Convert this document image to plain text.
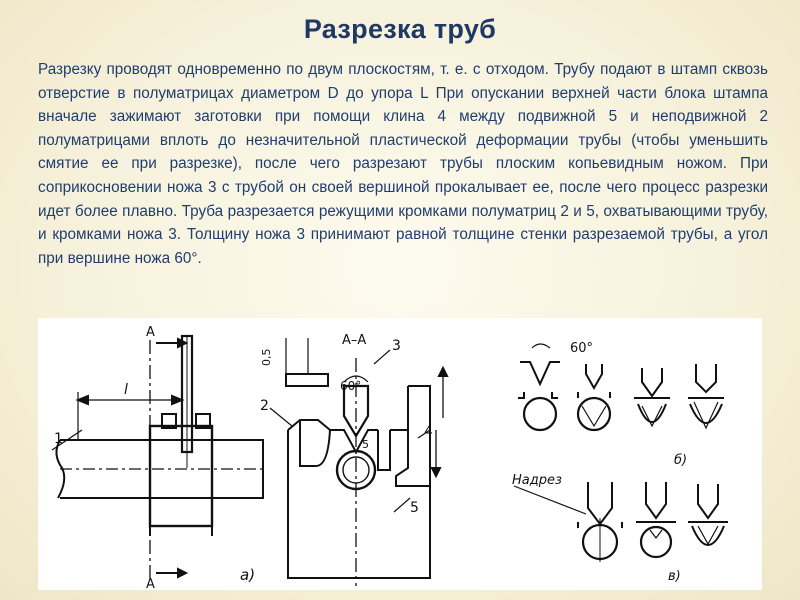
Разрезка труб
Разрезку проводят одновременно по двум плоскостям, т. е. с отходом. Трубу подают в штамп сквозь отверстие в полуматрицах диаметром D до упора L При опускании верхней части блока штампа вначале зажимают заготовки при помощи клина 4 между подвижной 5 и неподвижной 2 полуматрицами вплоть до незначительной пластической деформации трубы (чтобы уменьшить смятие ее при разрезке), после чего разрезают трубы плоским копьевидным ножом. При соприкосновении ножа 3 с трубой он своей вершиной прокалывает ее, после чего процесс разрезки идет более плавно. Труба разрезается режущими кромками полуматриц 2 и 5, охватывающими трубу, и кромками ножа 3. Толщину ножа 3 принимают равной толщине стенки разрезаемой трубы, а угол при вершине ножа 60°.
A
A
l
1
A–A
0,5
3
60°
2
4
5
5
а)
60°
б)
Надрез
в)
